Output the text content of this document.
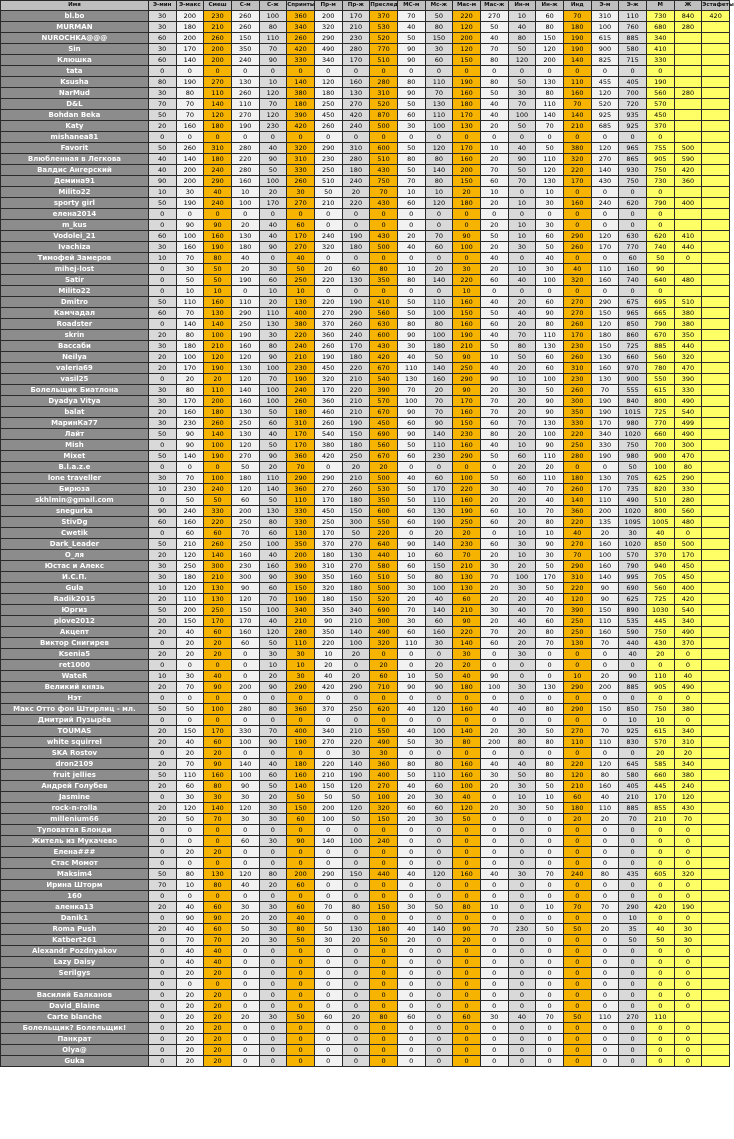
Имя	Э-мин	Э-макс	Смеш	С-м	С-ж	Спринты	Пр-м	Пр-ж	Преслед	МС-м	Мс-ж	Мас-м	Мас-ж	Ин-м	Ин-ж	Инд	Э-м	Э-ж	М	Ж	Эстафеты
bl.bo	30	200	230	260	100	360	200	170	370	70	50	220	270	10	60	70	310	110	730	840	420
MURMAN	30	180	210	260	80	340	320	210	530	40	80	120	50	40	80	180	100	760	680	280	
NUROCHKA@@@	60	200	260	150	110	260	290	230	520	50	150	200	40	80	150	190	615	885	340		
Sin	30	170	200	350	70	420	490	280	770	90	30	120	70	50	120	190	900	580	410		
Клюшка	60	140	200	240	90	330	340	170	510	90	60	150	80	120	200	140	825	715	330		
tata	0	0	0	0	0	0	0	0	0	0	0	0	0	0	0	0	0	0	0		
Ksusha	80	190	270	130	10	140	120	160	280	80	110	190	80	50	130	110	455	405	190		
NarMud	30	80	110	260	120	380	180	130	310	90	70	160	50	30	80	160	120	700	560	280	
D&L	70	70	140	110	70	180	250	270	520	50	130	180	40	70	110	70	520	720	570		
Bohdan Beka	50	70	120	270	120	390	450	420	870	60	110	170	40	100	140	140	925	935	450		
Katy	20	160	180	190	230	420	260	240	500	30	100	130	20	50	70	210	685	925	370		
mishanea81	0	0	0	0	0	0	0	0	0	0	0	0	0	0	0	0	0	0	0		
Favorit	50	260	310	280	40	320	290	310	600	50	120	170	10	40	50	380	120	965	755	500	
Влюбленная в Легкова	40	140	180	220	90	310	230	280	510	80	80	160	20	90	110	320	270	865	905	590	
Валдис Ангерский	40	200	240	280	50	330	250	180	430	50	140	200	70	50	120	220	140	930	750	420	
Демина91	90	200	290	160	100	260	510	240	750	70	80	150	60	70	130	170	430	750	730	360	
Milito22	10	30	40	10	20	30	50	20	70	10	10	20	10	0	10	0	0	0	0		
sporty girl	50	190	240	100	170	270	210	220	430	60	120	180	20	10	30	160	240	620	790	400	
елена2014	0	0	0	0	0	0	0	0	0	0	0	0	0	0	0	0	0	0	0		
m_kus	0	90	90	20	40	60	0	0	0	0	0	0	20	10	30	0	0	0	0		
Vodolei_21	60	100	160	130	40	170	240	190	430	20	70	90	50	10	60	290	120	630	620	410	
Ivachiza	30	160	190	180	90	270	320	180	500	40	60	100	20	30	50	260	170	770	740	440	
Тимофей Замеров	10	70	80	40	0	40	0	0	0	0	0	0	40	0	40	0	0	60	50	0	
mihej-lost	0	30	50	20	30	50	20	60	80	10	20	30	20	10	30	40	110	160	90		
Satir	0	50	50	190	60	250	220	130	350	80	140	220	60	40	100	320	160	740	640	480	
Milito22	0	10	10	0	10	10	0	0	0	0	0	10	0	0	0	0	0	0	0		
Dmitro	50	110	160	110	20	130	220	190	410	50	110	160	40	20	60	270	290	675	695	510	
Камчадал	60	70	130	290	110	400	270	290	560	50	100	150	50	40	90	270	150	965	665	380	
Roadster	0	140	140	250	130	380	370	260	630	80	80	160	60	20	80	260	120	850	790	380	
skrin	20	80	100	190	30	220	360	240	600	90	100	190	40	70	110	170	180	860	670	350	
Вассаби	30	180	210	160	80	240	260	170	430	30	180	210	50	80	130	230	150	725	885	440	
Neilya	20	100	120	120	90	210	190	180	420	40	50	90	10	50	60	260	130	660	560	320	
valeria69	20	170	190	130	100	230	450	220	670	110	140	250	40	20	60	310	160	970	780	470	
vasil25	0	20	20	120	70	190	320	210	540	130	160	290	90	10	100	230	130	900	550	390	
Болельщик Биатлона	30	80	110	140	100	240	170	220	390	70	20	90	20	30	50	260	70	555	615	330	
Dyadya Vitya	30	170	200	160	100	260	360	210	570	100	70	170	70	20	90	300	190	840	800	490	
balat	20	160	180	130	50	180	460	210	670	90	70	160	70	20	90	350	190	1015	725	540	
МаринКа77	30	230	260	250	60	310	260	190	450	60	90	150	60	70	130	330	170	980	770	499	
Лайт	50	90	140	130	40	170	540	150	690	90	140	230	80	20	100	220	340	1020	660	490	
Mish	0	90	100	120	50	170	380	180	560	50	110	160	40	10	90	250	330	750	700	300	
Mixet	50	140	190	270	90	360	420	250	670	60	230	290	50	60	110	280	190	980	900	470	
B.l.a.z.e	0	0	0	50	20	70	0	20	20	0	0	0	0	20	20	0	0	50	100	80	
lone traveller	30	70	100	180	110	290	290	210	500	40	60	100	50	60	110	180	130	705	625	290	
Бирюза	10	230	240	120	140	360	270	260	530	50	170	220	30	40	70	260	170	735	820	330	
skhlmin@gmail.com	0	50	50	60	50	110	170	180	350	50	110	160	20	20	40	140	110	490	510	280	
snegurka	90	240	330	200	130	330	450	150	600	60	130	190	60	10	70	360	200	1020	800	560	
StivDg	60	160	220	250	80	330	250	300	550	60	190	250	60	20	80	220	135	1095	1005	480	
Cwetik	0	60	60	70	60	130	170	50	220	0	20	20	0	10	10	40	20	30	40	0	
Dark_Leader	50	210	260	250	100	350	370	270	640	90	140	230	60	30	90	270	160	1020	850	500	
O_ля	20	120	140	160	40	200	180	130	440	10	60	70	20	10	30	70	100	570	370	170	
Юстас и Алекс	30	250	300	230	160	390	310	270	580	60	150	210	30	20	50	290	160	790	940	450	
И.С.П.	30	180	210	300	90	390	350	160	510	50	80	130	70	100	170	310	140	995	705	450	
Gula	10	120	130	90	60	150	320	180	500	30	100	130	20	30	50	220	90	690	560	400	
Radik2015	20	110	130	120	70	190	180	150	520	20	40	60	20	20	40	120	90	625	725	420	
Юргиз	50	200	250	150	100	340	350	340	690	70	140	210	30	40	70	390	150	890	1030	540	
plove2012	20	150	170	170	40	210	90	210	300	30	60	90	20	40	60	250	110	535	445	340	
Акцепт	20	40	60	160	120	280	350	140	490	60	160	220	70	20	80	250	160	590	750	490	
Виктор Снигирев	0	20	20	60	50	110	220	100	320	110	30	140	60	20	70	130	70	440	430	370	
Ksenia5	20	20	20	0	30	30	10	20	0	0	0	30	0	30	0	0	0	40	20	0	
ret1000	0	0	0	0	10	10	20	0	20	0	20	20	0	0	0	0	0	0	0	0	
WateR	10	30	40	0	20	30	40	20	60	10	50	40	90	0	0	10	20	90	110	40	
Великий князь	20	70	90	200	90	290	420	290	710	90	90	180	100	30	130	290	200	885	905	490	
Нэт	0	0	0	0	0	0	0	0	0	0	0	0	0	0	0	0	0	0	0	0	
Макс Отто фон Штирлиц - мл.	50	50	100	280	80	360	370	250	620	40	120	160	40	40	80	290	150	850	750	380	
Дмитрий Пузырёв	0	0	0	0	0	0	0	0	0	0	0	0	0	0	0	0	0	10	10	0	
TOUMAS	20	150	170	330	70	400	340	210	550	40	100	140	20	30	50	270	70	925	615	340	
white squirrel	20	40	60	100	90	190	270	220	490	50	30	80	200	80	80	110	110	830	570	310	
SKA Rostov	0	20	20	0	0	0	0	30	30	0	0	0	0	0	0	0	0	0	20	20	
dron2109	20	70	90	140	40	180	220	140	360	80	80	160	40	40	80	220	120	645	585	340	
fruit jellies	50	110	160	100	60	160	210	190	400	50	110	160	30	50	80	120	80	580	660	380	
Андрей Голубев	20	60	80	90	50	140	150	120	270	40	60	100	20	30	50	210	160	405	445	240	
Jasmine	0	30	30	30	20	50	50	50	100	20	30	40	0	10	10	60	40	210	170	120	
rock-n-rolla	20	120	140	120	30	150	200	120	320	60	60	120	20	30	50	180	110	885	855	430	
millenium66	20	50	70	30	30	60	100	50	150	20	30	50	0	0	0	20	20	70	210	70	
Туповатая Блонди	0	0	0	0	0	0	0	0	0	0	0	0	0	0	0	0	0	0	0	0	
Житель из Мукачево	0	0	0	60	30	90	140	100	240	0	0	0	0	0	0	0	0	0	0	0	
Елена###	0	20	20	0	0	0	0	0	0	0	0	0	0	0	0	0	0	0	0	0	
Стас Момот	0	0	0	0	0	0	0	0	0	0	0	0	0	0	0	0	0	0	0	0	
Maksim4	50	80	130	120	80	200	290	150	440	40	120	160	40	30	70	240	80	435	605	320	
Ирина Шторм	70	10	80	40	20	60	0	0	0	0	0	0	0	0	0	0	0	0	0	0	
160	0	0	0	0	0	0	0	0	0	0	0	0	0	0	0	0	0	0	0	0	
аленка13	20	40	60	30	30	60	70	80	150	30	50	80	10	0	10	70	70	290	420	190	
Danik1	0	90	90	20	20	40	0	0	0	0	0	0	0	0	0	0	0	10	0	0	
Roma Push	20	40	60	50	30	80	50	130	180	40	140	90	70	230	50	50	20	35	40	30	
Katbert261	0	70	70	20	30	50	30	20	50	20	0	20	0	0	0	0	0	50	50	30	
Alexandr Pozdnyakov	0	40	40	0	0	0	0	0	0	0	0	0	0	0	0	0	0	0	0	0	
Lazy Daisy	0	40	40	0	0	0	0	0	0	0	0	0	0	0	0	0	0	0	0	0	
Serilgys	0	20	20	0	0	0	0	0	0	0	0	0	0	0	0	0	0	0	0	0	
	0	0	0	0	0	0	0	0	0	0	0	0	0	0	0	0	0	0	0	0	
Василий Балканов	0	20	20	0	0	0	0	0	0	0	0	0	0	0	0	0	0	0	0	0	
David_Blaine	0	20	20	0	0	0	0	0	0	0	0	0	0	0	0	0	0	0	0	0	
Carte blanche	0	20	20	20	30	50	60	20	80	60	0	60	30	40	70	50	110	270	110		
Болельщик? Болельщик!	0	20	20	0	0	0	0	0	0	0	0	0	0	0	0	0	0	0	0	0	
Панкрат	0	20	20	0	0	0	0	0	0	0	0	0	0	0	0	0	0	0	0	0	
Olya@	0	20	20	0	0	0	0	0	0	0	0	0	0	0	0	0	0	0	0	0	
Guka	0	20	20	0	0	0	0	0	0	0	0	0	0	0	0	0	0	0	0	0	
